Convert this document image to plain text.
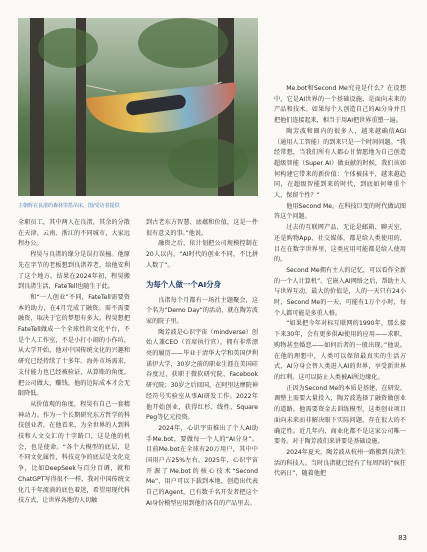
主朝辉在良渚的森林里搭吊床，图/受访者提供

全职员工，其中两人在良渚，其余的分散在天津、云南、浙江的不同城市，大家远程办公。

程昊与良渚的缘分是误打误撞。他原先在字节的老板想到良渚养老，给他安利了这个地方。结果在2024年初，程昊搬到良渚生活，FateTell也随生于此。

和“一人创业”不同，FateTell需要资本的助力，在4月完成了融资。需不需要融资，取决于它的梦想有多大。程昊想把FateTell做成一个全球性的文化平台，不是个人工作室，不是小打小闹的小作坊，从大学开始，他对中国传统文化的兴趣和研究已经持续了十多年。海外市场需求，支付能力也已经被验证，从算账的角度，把公司做大，赚钱，他的边际成本才会无限降低。

从价值观的角度，程昊有自己一套精神动力。作为一个长期研究东方哲学的科技创业者，在他看来，为全世界的人到科技和人文交汇的十字路口，这是他的机会，也是使命。“各个大模型的底层，是不同文化属性，科技竞争的底层是文化竞争，比如DeepSeek与百分百调，就和ChatGPT写得很不一样，我对中国传统文化几千年流淌的底色着迷，希望用现代科技方式，让世界各地的人切触

到古老东方智慧、底蕴和价值，这是一件很有意义的事。”他说。

融资之后，依计划把公司规模控制在20人以内，“AI时代的创业不同，不比拼人数了”。

为每个人做一个AI分身

良渚每个月都有一场社主题聚会，这个名为“Demo Day”的活动，就在陶芳波家的院子里。

陶芳波是心识宇宙（mindverse）创始人兼CEO（首席执行官），拥有非常漂亮的履历——毕业于清华大学和美国伊利诺伊大学，30岁之前的职业生涯在美国硅谷度过，获职于微软研究院、Facebook研究院；30岁之后回国，在阿里达摩院神经符号实验室从事AI研发工作。2022年他开始创业，获得红杉、线性、Square Peg等亿元投资。

2024年，心识宇宙推出了个人AI助手Me.bot，要做每一个人的“AI分身”。目前Me.bot在全球有20万用户，其中中国用户占25%左右。2025年，心识宇宙开源了Me.bot的核心技术“Second Me”，用户可以下载到本地，创造出代表自己的Agent，已有数千名开发者把这个AI身份模型应用到他们各自的产品里去。

Me.bot和Second Me究竟是什么？在设想中，它是AI世界的一个基础设施，是面向未来的产品和技术。如果每个人创造自己的AI分身并且把他们连接起来，相当于用AI把世界重塑一遍。

陶芳波和圈内的很多人，越来越确信AGI（通用人工智能）的到来只是一个时间问题。“我经常想，当我们所有人都心甘情愿地为自己创造超级智能（Super AI）做贡献的时候，我们该如何构建它带来的新价值：个体被抹平，越来越趋同，在超级智能到来的时代，到底如何尊重个人，保留个性？”

他用Second Me，在科技巨变的时代做试图答这个问题。

过去的互联网产品，无论是邮箱、聊天室，还是购物App、社交媒体，都是给人类使用的，目在在数字世界里，这类应用可能都是给人使用的。

Second Me拥有主人的记忆，可以看作全新的一个人计算机”。它嵌入AI网络之后，帮助主人与世界互动，最大的价值是，人的一天只有24小时，Second Me的一天，可能有1万个小时，每个人都可能是多重人格。

“如果把今年对标互联网的1990年，那么接下来30年，会有更多供AI使用的应用——求职、购物甚至婚恋——如何后者的一般出现。”他说。在他的理想中，人类可以保留最真实的生活方式，AI分身会替人类进入AI的世界，享受新世界的红利。这可以防止人类被AI所边缘化。

正因为Second Me的本质是基建，在研发、调整上需要大量投入，陶芳波选择了融资做创业的道路。他需要资金去训练模型，这类创业项目面向未来而非解决眼下实际问题，存在很大的不确定性。近几年内，商业化都不是这家公司唯一要务。对于陶芳波们来讲要是基础设施。

2024年夏天，陶芳波从杭州一路搬到良渚生活的科技人。当时良渚就已经有了每周四的“疯狂代码日”，随着他把

83
